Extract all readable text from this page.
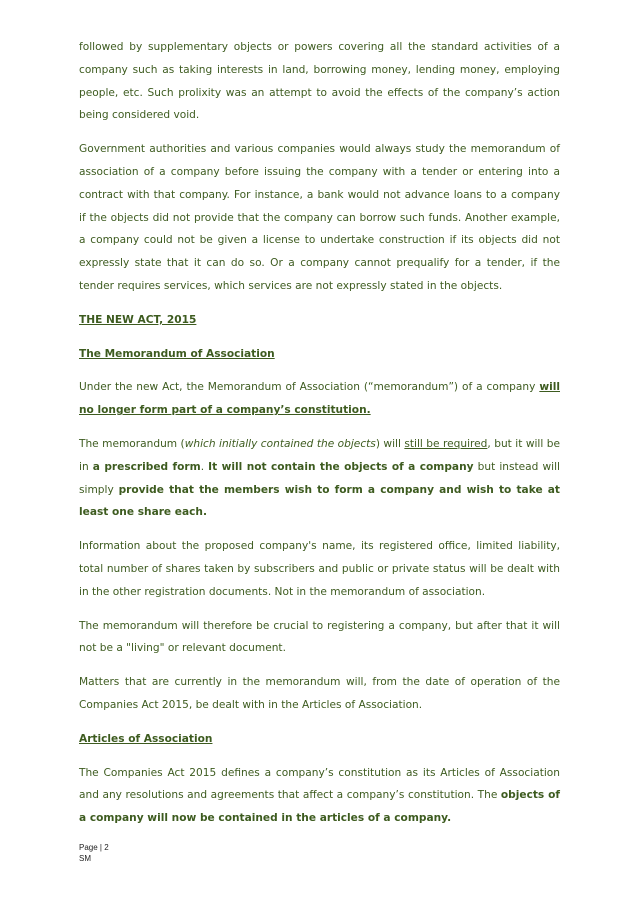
followed by supplementary objects or powers covering all the standard activities of a company such as taking interests in land, borrowing money, lending money, employing people, etc. Such prolixity was an attempt to avoid the effects of the company’s action being considered void.

Government authorities and various companies would always study the memorandum of association of a company before issuing the company with a tender or entering into a contract with that company. For instance, a bank would not advance loans to a company if the objects did not provide that the company can borrow such funds. Another example, a company could not be given a license to undertake construction if its objects did not expressly state that it can do so. Or a company cannot prequalify for a tender, if the tender requires services, which services are not expressly stated in the objects.

THE NEW ACT, 2015

The Memorandum of Association

Under the new Act, the Memorandum of Association (“memorandum”) of a company will no longer form part of a company’s constitution.

The memorandum (which initially contained the objects) will still be required, but it will be in a prescribed form. It will not contain the objects of a company but instead will simply provide that the members wish to form a company and wish to take at least one share each.

Information about the proposed company's name, its registered office, limited liability, total number of shares taken by subscribers and public or private status will be dealt with in the other registration documents. Not in the memorandum of association.

The memorandum will therefore be crucial to registering a company, but after that it will not be a "living" or relevant document.

Matters that are currently in the memorandum will, from the date of operation of the Companies Act 2015, be dealt with in the Articles of Association.

Articles of Association

The Companies Act 2015 defines a company’s constitution as its Articles of Association and any resolutions and agreements that affect a company’s constitution. The objects of a company will now be contained in the articles of a company.

Page | 2
SM
